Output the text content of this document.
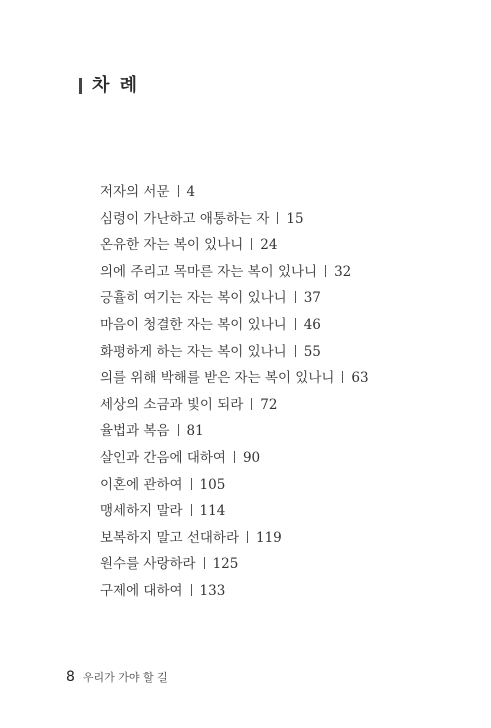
차 례
저자의 서문 4
심령이 가난하고 애통하는 자 15
온유한 자는 복이 있나니 24
의에 주리고 목마른 자는 복이 있나니 32
긍휼히 여기는 자는 복이 있나니 37
마음이 청결한 자는 복이 있나니 46
화평하게 하는 자는 복이 있나니 55
의를 위해 박해를 받은 자는 복이 있나니 63
세상의 소금과 빛이 되라 72
율법과 복음 81
살인과 간음에 대하여 90
이혼에 관하여 105
맹세하지 말라 114
보복하지 말고 선대하라 119
원수를 사랑하라 125
구제에 대하여 133
8 우리가 가야 할 길
